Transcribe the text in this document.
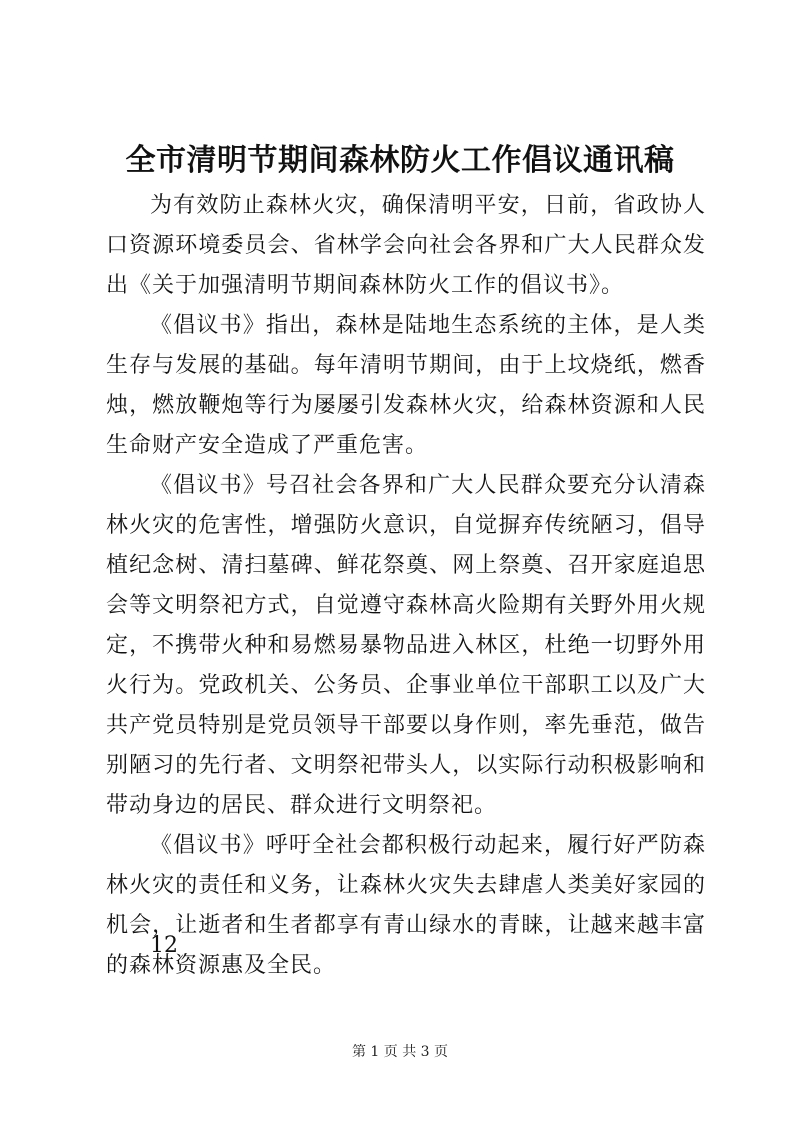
全市清明节期间森林防火工作倡议通讯稿

为有效防止森林火灾，确保清明平安，日前，省政协人口资源环境委员会、省林学会向社会各界和广大人民群众发出《关于加强清明节期间森林防火工作的倡议书》。

《倡议书》指出，森林是陆地生态系统的主体，是人类生存与发展的基础。每年清明节期间，由于上坟烧纸，燃香烛，燃放鞭炮等行为屡屡引发森林火灾，给森林资源和人民生命财产安全造成了严重危害。

《倡议书》号召社会各界和广大人民群众要充分认清森林火灾的危害性，增强防火意识，自觉摒弃传统陋习，倡导植纪念树、清扫墓碑、鲜花祭奠、网上祭奠、召开家庭追思会等文明祭祀方式，自觉遵守森林高火险期有关野外用火规定，不携带火种和易燃易暴物品进入林区，杜绝一切野外用火行为。党政机关、公务员、企事业单位干部职工以及广大共产党员特别是党员领导干部要以身作则，率先垂范，做告别陋习的先行者、文明祭祀带头人，以实际行动积极影响和带动身边的居民、群众进行文明祭祀。

《倡议书》呼吁全社会都积极行动起来，履行好严防森林火灾的责任和义务，让森林火灾失去肆虐人类美好家园的机会，让逝者和生者都享有青山绿水的青睐，让越来越丰富的森林资源惠及全民。

12
第 1 页 共 3 页
